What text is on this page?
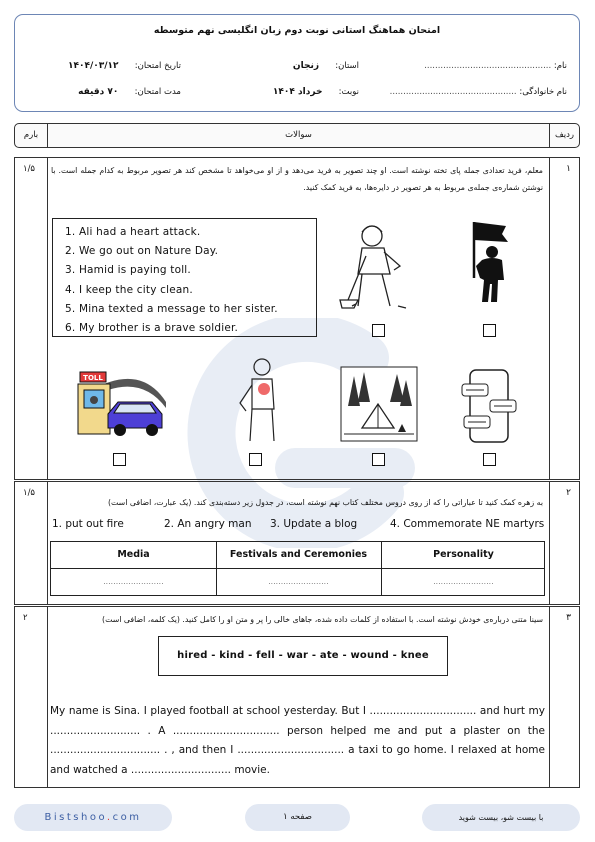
امتحان هماهنگ استانی نوبت دوم زبان انگلیسی نهم متوسطه
نام: ...............................................
نام خانوادگی: ...............................................
استان:      زنجان
نوبت:      خرداد ۱۴۰۴
تاریخ امتحان:      ۱۴۰۴/۰۳/۱۲
مدت امتحان:      ۷۰ دقیقه
ردیف
سوالات
بارم
۱
۱/۵ معلم، فرید تعدادی جمله پای تخته نوشته است. او چند تصویر به فرید می‌دهد و از او می‌خواهد تا مشخص کند هر تصویر مربوط به کدام جمله است. با نوشتن شماره‌ی جمله‌ی مربوط به هر تصویر در دایره‌ها، به فرید کمک کنید.
1. Ali had a heart attack.
2. We go out on Nature Day.
3. Hamid is paying toll.
4. I keep the city clean.
5. Mina texted a message to her sister.
6. My brother is a brave soldier.
TOLL
۲
۱/۵
به زهره کمک کنید تا عباراتی را که از روی دروس مختلف کتاب نهم نوشته است، در جدول زیر دسته‌بندی کند. (یک عبارت، اضافی است)
1. put out fire	2. An angry man 3. Update a blog	4. Commemorate NE martyrs
Media	Festivals and Ceremonies	Personality
........................	........................	........................
۳
۲	سینا متنی درباره‌ی خودش نوشته است. با استفاده از کلمات داده شده، جاهای خالی را پر و متن او را کامل کنید. (یک کلمه، اضافی است)
hired - kind - fell - war - ate - wound - knee
My name is Sina. I played football at school yesterday. But I ................................ and hurt my ........................... . A ................................ person helped me and put a plaster on the ................................. . , and then I ................................ a taxi to go home. I relaxed at home and watched a .............................. movie.
Bistshoo.com	صفحه ۱	با بیست شو، بیست شوید
